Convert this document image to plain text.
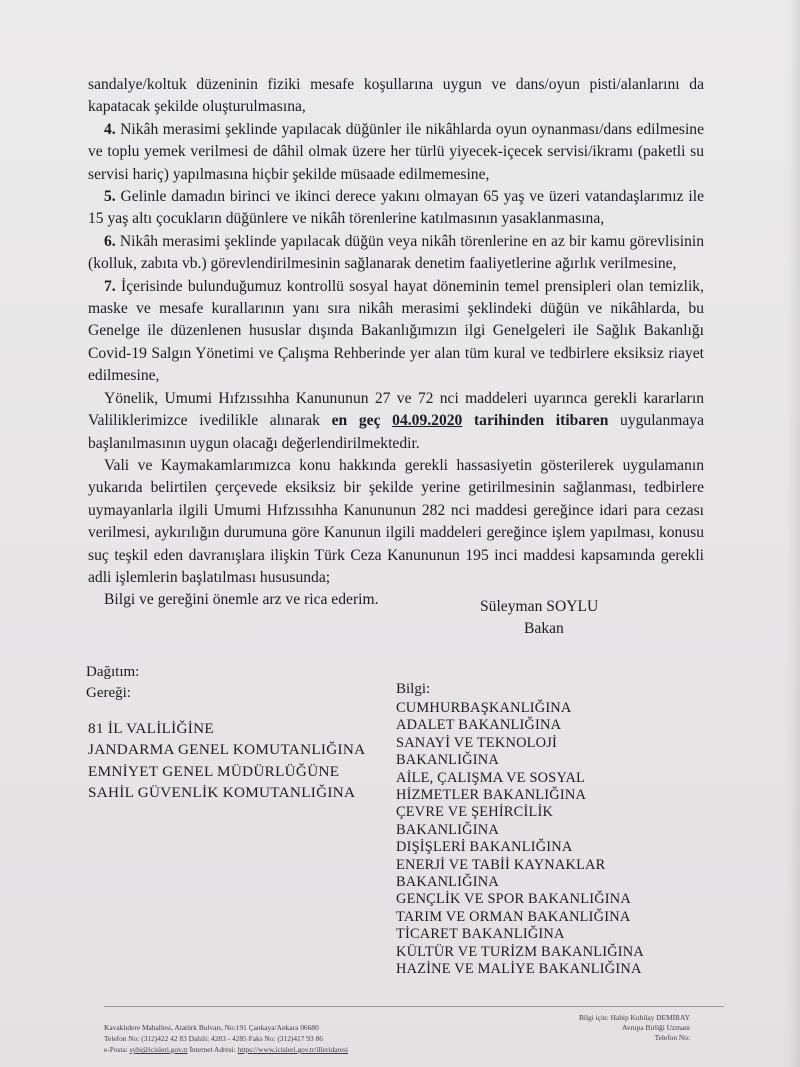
sandalye/koltuk düzeninin fiziki mesafe koşullarına uygun ve dans/oyun pisti/alanlarını da kapatacak şekilde oluşturulmasına,

4. Nikâh merasimi şeklinde yapılacak düğünler ile nikâhlarda oyun oynanması/dans edilmesine ve toplu yemek verilmesi de dâhil olmak üzere her türlü yiyecek-içecek servisi/ikramı (paketli su servisi hariç) yapılmasına hiçbir şekilde müsaade edilmemesine,

5. Gelinle damadın birinci ve ikinci derece yakını olmayan 65 yaş ve üzeri vatandaşlarımız ile 15 yaş altı çocukların düğünlere ve nikâh törenlerine katılmasının yasaklanmasına,

6. Nikâh merasimi şeklinde yapılacak düğün veya nikâh törenlerine en az bir kamu görevlisinin (kolluk, zabıta vb.) görevlendirilmesinin sağlanarak denetim faaliyetlerine ağırlık verilmesine,

7. İçerisinde bulunduğumuz kontrollü sosyal hayat döneminin temel prensipleri olan temizlik, maske ve mesafe kurallarının yanı sıra nikâh merasimi şeklindeki düğün ve nikâhlarda, bu Genelge ile düzenlenen hususlar dışında Bakanlığımızın ilgi Genelgeleri ile Sağlık Bakanlığı Covid-19 Salgın Yönetimi ve Çalışma Rehberinde yer alan tüm kural ve tedbirlere eksiksiz riayet edilmesine,

Yönelik, Umumi Hıfzıssıhha Kanununun 27 ve 72 nci maddeleri uyarınca gerekli kararların Valiliklerimizce ivedilikle alınarak en geç 04.09.2020 tarihinden itibaren uygulanmaya başlanılmasının uygun olacağı değerlendirilmektedir.

Vali ve Kaymakamlarımızca konu hakkında gerekli hassasiyetin gösterilerek uygulamanın yukarıda belirtilen çerçevede eksiksiz bir şekilde yerine getirilmesinin sağlanması, tedbirlere uymayanlarla ilgili Umumi Hıfzıssıhha Kanununun 282 nci maddesi gereğince idari para cezası verilmesi, aykırılığın durumuna göre Kanunun ilgili maddeleri gereğince işlem yapılması, konusu suç teşkil eden davranışlara ilişkin Türk Ceza Kanununun 195 inci maddesi kapsamında gerekli adli işlemlerin başlatılması hususunda;

Bilgi ve gereğini önemle arz ve rica ederim.	Süleyman SOYLU
Bakan
Dağıtım:
Gereği:
81 İL VALİLİĞİNE
JANDARMA GENEL KOMUTANLIĞINA
EMNİYET GENEL MÜDÜRLÜĞÜNE
SAHİL GÜVENLİK KOMUTANLIĞINA
Bilgi:
CUMHURBAŞKANLIĞINA
ADALET BAKANLIĞINA
SANAYİ VE TEKNOLOJİ
BAKANLIĞINA
AİLE, ÇALIŞMA VE SOSYAL
HİZMETLER BAKANLIĞINA
ÇEVRE VE ŞEHİRCİLİK
BAKANLIĞINA
DIŞİŞLERİ BAKANLIĞINA
ENERJİ VE TABİİ KAYNAKLAR
BAKANLIĞINA
GENÇLİK VE SPOR BAKANLIĞINA
TARIM VE ORMAN BAKANLIĞINA
TİCARET BAKANLIĞINA
KÜLTÜR VE TURİZM BAKANLIĞINA
HAZİNE VE MALİYE BAKANLIĞINA
Kavaklıdere Mahallesi, Atatürk Bulvarı, No:191 Çankaya/Ankara 06680
Telefon No: (312)422 42 83 Dahili: 4283 - 4285 Faks No: (312)417 93 86
e-Posta: sybi@icisleri.gov.tr İnternet Adresi: https://www.icisleri.gov.tr/illeridaresi
Bilgi için: Habip Kubilay DEMİRAY
Avrupa Birliği Uzmanı
Telefon No:
